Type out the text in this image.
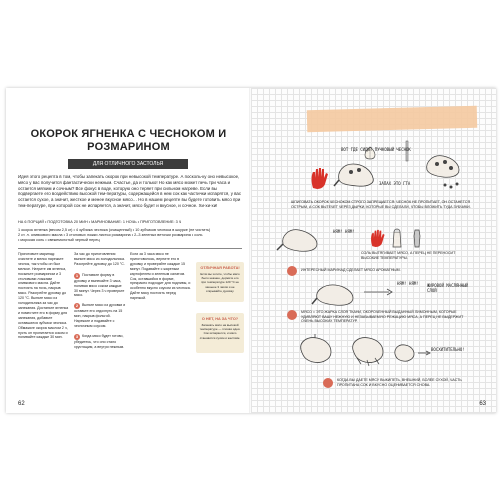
ОКОРОК ЯГНЕНКА С ЧЕСНОКОМ И РОЗМАРИНОМ
ДЛЯ ОТЛИЧНОГО ЗАСТОЛЬЯ
Идея этого рецепта в том, чтобы запекать окорок при невысокой температуре. А посколь-ку оно невысокое, мясо у вас получится фантастически нежным. Счастье, да и только! Но как мясо может печь три часа и остается мягким и сочным? Все фокус в воде, которую оно теряет при сильном нагреве. Если вы подвергаете его воздействию высокой тем-пературы, содержащейся в нем сок как частички испарятся, у вас остается сухое, а значит, жесткое и менее вкусное мясо… Но в нашем рецепте вы будете готовить мясо при тем-пературе, при которой сок не испаряется, а значит, мясо будет и вкусное, и сочное. Хи-хи-хи!
НА 6 ПОРЦИЙ • ПОДГОТОВКА 20 МИН • МАРИНОВАНИЕ: 1 НОЧЬ • ПРИГОТОВЛЕНИЕ: 3 Ч
1 окорок ягненка (весом 2,5 кг) • 4 зубчика чеснока (очищенный) • 10 зубчиков чеснока в шкурке (не чистить)
2 ст. л. оливкового масла • 3 столовых ложки листья розмарина • 2–3 зеленых веточки розмарина • соль
• морская соль • свежемолотый черный перец
Приготовьте маринад: очистите и мелко нарежьте чеснок, так чтобы он был мельче. Натрите им ягненка, посыпьте розмарином и 3 столовыми ложками оливкового масла. Дайте постоять на ночь, накрыв мясо. Разогрейте духовку до 120 °C. Выньте мясо из холодильника за час до запекания. Достаньте ягненка и поместите его в форму для запекания, добавьте оставшиеся зубчики чеснока. Обмажьте окорок маслом 2 ч, пусть он пропитается соком и поливайте каждые 30 мин.
За час до приготовления выньте мясо из холодильника. Разогрейте духовку до 120 °C.
1 Поставьте форму в духовку и выпекайте 3 часа, поливая мясо соком каждые 30 минут. Через 3 ч проверьте мясо.
2 Выньте мясо из духовки и оставьте его отдохнуть на 15 мин, накрыв фольгой. Нарежьте и подавайте с чесночным соусом.
3 Когда мясо будет готово, убедитесь, что оно стало хрустящим, а внутри нежным.
Если за 3 часа мясо не приготовилось, верните его в духовку и проверяйте каждые 15 минут. Подавайте с жареным картофелем и зеленым салатом. Сок, оставшийся в форме, прекрасно подходит для подливы, и особенно вкусно соусом из чеснока. Дайте мясу постоять перед нарезкой.
ОТЛИЧНАЯ РАБОТА!
Если вы хотите, чтобы мясо было нежнее, держите его при температуре 120 °C не меньше 3 часов и не открывайте духовку.
О НЕТ, НА ЗА ЧТО?
Запекать мясо на высокой температуре — плохая идея. Сок испаряется, и мясо становится сухим и жестким.
62
ВОТ ГДЕ СИДИТ ПУЧКОВЫЙ ЧЕСНОК
ЗАПАХ ЭТО ГТА
ШПИГОВАТЬ ОКОРОК ЧЕСНОКОМ СТРОГО ЗАПРЕЩАЕТСЯ: ЧЕСНОК НЕ ПРОПИТАЕТ, ОН ОСТАНЕТСЯ ОСТРЫМ, А СОК ВЫТЕЧЕТ ЧЕРЕЗ ДЫРКИ, КОТОРЫЕ ВЫ СДЕЛАЛИ, ЧТОБЫ ВЛОЖИТЬ ТУДА ЗУБЧИКИ.
НЯМ! НЯМ!
СОЛЬ ВЫТЯГИВАЕТ МЯСО, А ПЕРЕЦ НЕ ПЕРЕНОСИТ ВЫСОКИЕ ТЕМПЕРАТУРЫ.
ИНТЕРЕСНЫЙ МАРИНАД СДЕЛАЕТ МЯСО АРОМАТНЫМ.
НЯМ! НЯМ!	ЖИРОВОЙ МАСЛЯННЫЙ СЛОЙ
МЯСО = ЭТО ЖАРКА СЛОЯ ТКАНИ, ОКОРОЧЕННЫЙ ВЫДАННЫЙ ЛИМОННЫМ, КОТОРЫЕ УДИВЛЯЮТ ВАШУ НЕЖНУЮ И НЕЗАБЫВАЕМУЮ РЕЖАЦИЮ МЯСА, А ПЕРЕЦ НЕ ВЫДЕРЖИТ ОЧЕНЬ ВЫСОКИХ ТЕМПЕРАТУР.
ВОСХИТИТЕЛЬНО!
КОГДА ВЫ ДАЕТЕ МЯСУ ВЫКИПЕТЬ, ВНЕШНИЙ, БОЛЕЕ СУХОЙ, ЧАСТЬ ПРОПИТАНА СОК И ВКУСНО ОЦЕНИВАЕТСЯ СНОВА.
63
